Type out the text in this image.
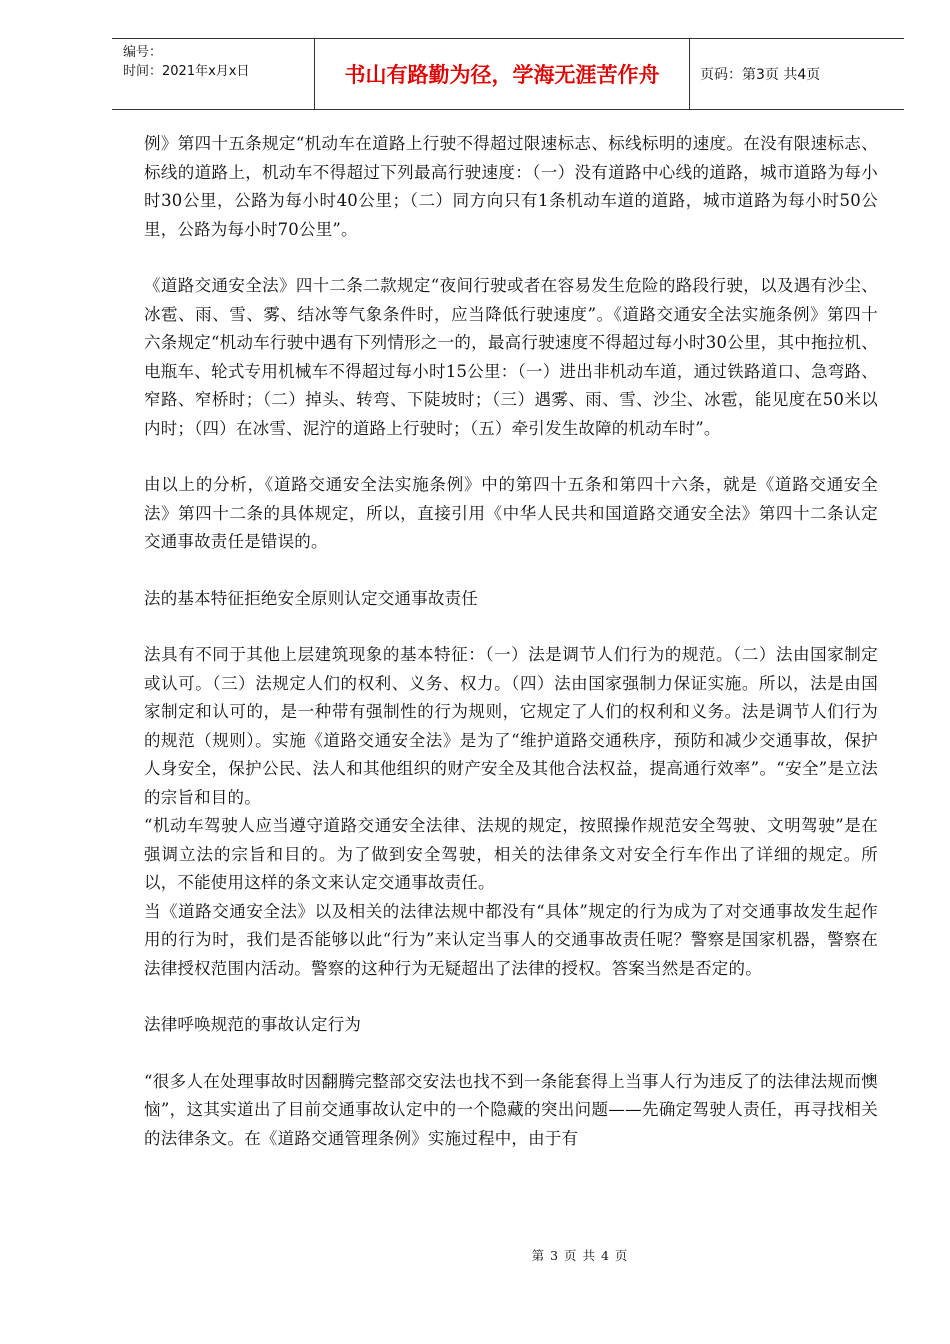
编号：
时间：2021年x月x日	书山有路勤为径，学海无涯苦作舟	页码：第3页 共4页

例》第四十五条规定“机动车在道路上行驶不得超过限速标志、标线标明的速度。在没有限速标志、标线的道路上，机动车不得超过下列最高行驶速度：（一）没有道路中心线的道路，城市道路为每小时30公里，公路为每小时40公里；（二）同方向只有1条机动车道的道路，城市道路为每小时50公里，公路为每小时70公里”。

《道路交通安全法》四十二条二款规定“夜间行驶或者在容易发生危险的路段行驶，以及遇有沙尘、冰雹、雨、雪、雾、结冰等气象条件时，应当降低行驶速度”。《道路交通安全法实施条例》第四十六条规定“机动车行驶中遇有下列情形之一的，最高行驶速度不得超过每小时30公里，其中拖拉机、电瓶车、轮式专用机械车不得超过每小时15公里：（一）进出非机动车道，通过铁路道口、急弯路、窄路、窄桥时；（二）掉头、转弯、下陡坡时；（三）遇雾、雨、雪、沙尘、冰雹，能见度在50米以内时；（四）在冰雪、泥泞的道路上行驶时；（五）牵引发生故障的机动车时”。

由以上的分析，《道路交通安全法实施条例》中的第四十五条和第四十六条，就是《道路交通安全法》第四十二条的具体规定，所以，直接引用《中华人民共和国道路交通安全法》第四十二条认定交通事故责任是错误的。

法的基本特征拒绝安全原则认定交通事故责任

法具有不同于其他上层建筑现象的基本特征：（一）法是调节人们行为的规范。（二）法由国家制定或认可。（三）法规定人们的权利、义务、权力。（四）法由国家强制力保证实施。所以，法是由国家制定和认可的，是一种带有强制性的行为规则，它规定了人们的权利和义务。法是调节人们行为的规范（规则）。实施《道路交通安全法》是为了“维护道路交通秩序，预防和减少交通事故，保护人身安全，保护公民、法人和其他组织的财产安全及其他合法权益，提高通行效率”。“安全”是立法的宗旨和目的。

“机动车驾驶人应当遵守道路交通安全法律、法规的规定，按照操作规范安全驾驶、文明驾驶”是在强调立法的宗旨和目的。为了做到安全驾驶，相关的法律条文对安全行车作出了详细的规定。所以，不能使用这样的条文来认定交通事故责任。

当《道路交通安全法》以及相关的法律法规中都没有“具体”规定的行为成为了对交通事故发生起作用的行为时，我们是否能够以此“行为”来认定当事人的交通事故责任呢？警察是国家机器，警察在法律授权范围内活动。警察的这种行为无疑超出了法律的授权。答案当然是否定的。

法律呼唤规范的事故认定行为

“很多人在处理事故时因翻腾完整部交安法也找不到一条能套得上当事人行为违反了的法律法规而懊恼”，这其实道出了目前交通事故认定中的一个隐藏的突出问题——先确定驾驶人责任，再寻找相关的法律条文。在《道路交通管理条例》实施过程中，由于有

第 3 页 共 4 页
